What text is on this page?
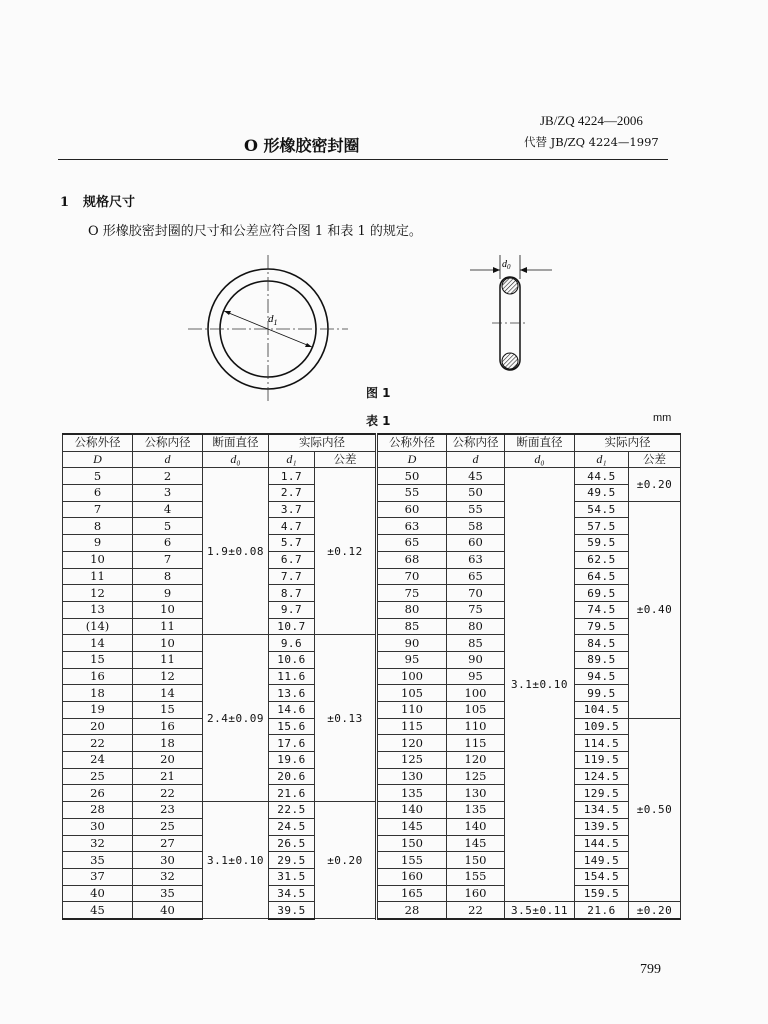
JB/ZQ 4224—2006
O 形橡胶密封圈	代替 JB/ZQ 4224—1997
1 规格尺寸
O 形橡胶密封圈的尺寸和公差应符合图 1 和表 1 的规定。
$d_1$
$d_0$
图 1
表 1	mm
公称外径	公称内径	断面直径	实际内径		公称外径	公称内径	断面直径	实际内径	
D	d	d₀	d₁	公差	D	d	d₀	d₁	公差
5	2	1.9±0.08	1.7	±0.12	50	45	3.1±0.10	44.5	±0.20
6	3		2.7		55	50		49.5	
7	4		3.7		60	55		54.5	±0.40
8	5		4.7		63	58		57.5	
9	6		5.7		65	60		59.5	
10	7		6.7		68	63		62.5	
11	8		7.7		70	65		64.5	
12	9		8.7		75	70		69.5	
13	10		9.7		80	75		74.5	
(14)	11		10.7		85	80		79.5	
14	10	2.4±0.09	9.6	±0.13	90	85		84.5	
15	11		10.6		95	90		89.5	
16	12		11.6		100	95		94.5	
18	14		13.6		105	100		99.5	
19	15		14.6		110	105		104.5	
20	16		15.6		115	110		109.5	±0.50
22	18		17.6		120	115		114.5	
24	20		19.6		125	120		119.5	
25	21		20.6		130	125		124.5	
26	22		21.6		135	130		129.5	
28	23	3.1±0.10	22.5	±0.20	140	135		134.5	
30	25		24.5		145	140		139.5	
32	27		26.5		150	145		144.5	
35	30		29.5		155	150		149.5	
37	32		31.5		160	155		154.5	
40	35		34.5		165	160		159.5	
45	40		39.5		28	22	3.5±0.11	21.6	±0.20
799
